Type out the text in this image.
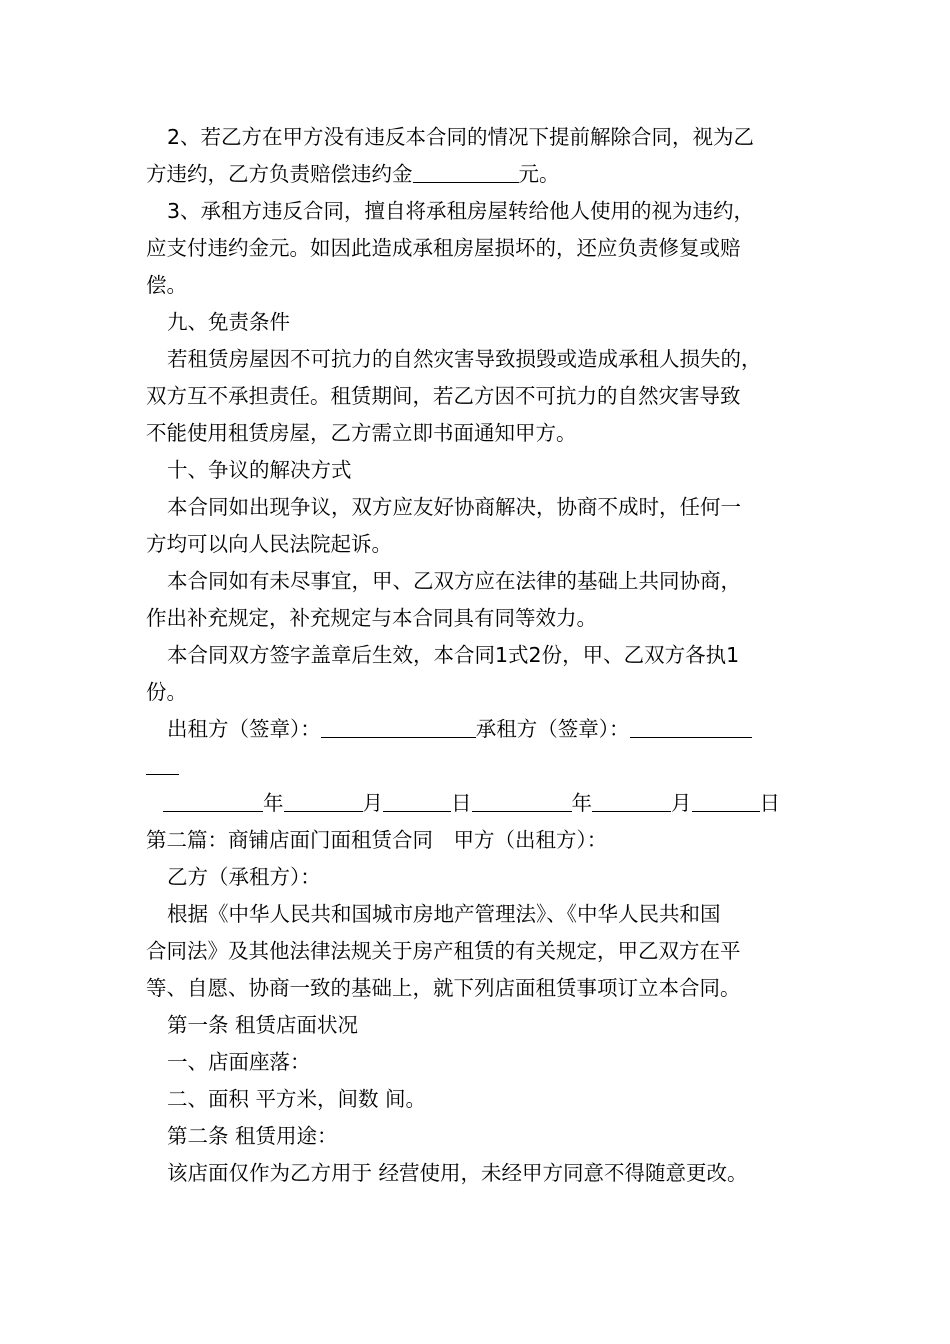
2、若乙方在甲方没有违反本合同的情况下提前解除合同，视为乙

方违约，乙方负责赔偿违约金	元。

3、承租方违反合同，擅自将承租房屋转给他人使用的视为违约，

应支付违约金元。如因此造成承租房屋损坏的，还应负责修复或赔

偿。

九、免责条件

若租赁房屋因不可抗力的自然灾害导致损毁或造成承租人损失的，

双方互不承担责任。租赁期间，若乙方因不可抗力的自然灾害导致

不能使用租赁房屋，乙方需立即书面通知甲方。

十、争议的解决方式

本合同如出现争议，双方应友好协商解决，协商不成时，任何一

方均可以向人民法院起诉。

本合同如有未尽事宜，甲、乙双方应在法律的基础上共同协商，

作出补充规定，补充规定与本合同具有同等效力。

本合同双方签字盖章后生效，本合同1式2份，甲、乙双方各执1

份。

出租方（签章）：	承租方（签章）：

年	月	日	年	月	日

第二篇：商铺店面门面租赁合同　甲方（出租方）：

乙方（承租方）：

根据《中华人民共和国城市房地产管理法》、《中华人民共和国

合同法》及其他法律法规关于房产租赁的有关规定，甲乙双方在平

等、自愿、协商一致的基础上，就下列店面租赁事项订立本合同。

第一条 租赁店面状况

一、店面座落：

二、面积 平方米，间数 间。

第二条 租赁用途：

该店面仅作为乙方用于 经营使用，未经甲方同意不得随意更改。
